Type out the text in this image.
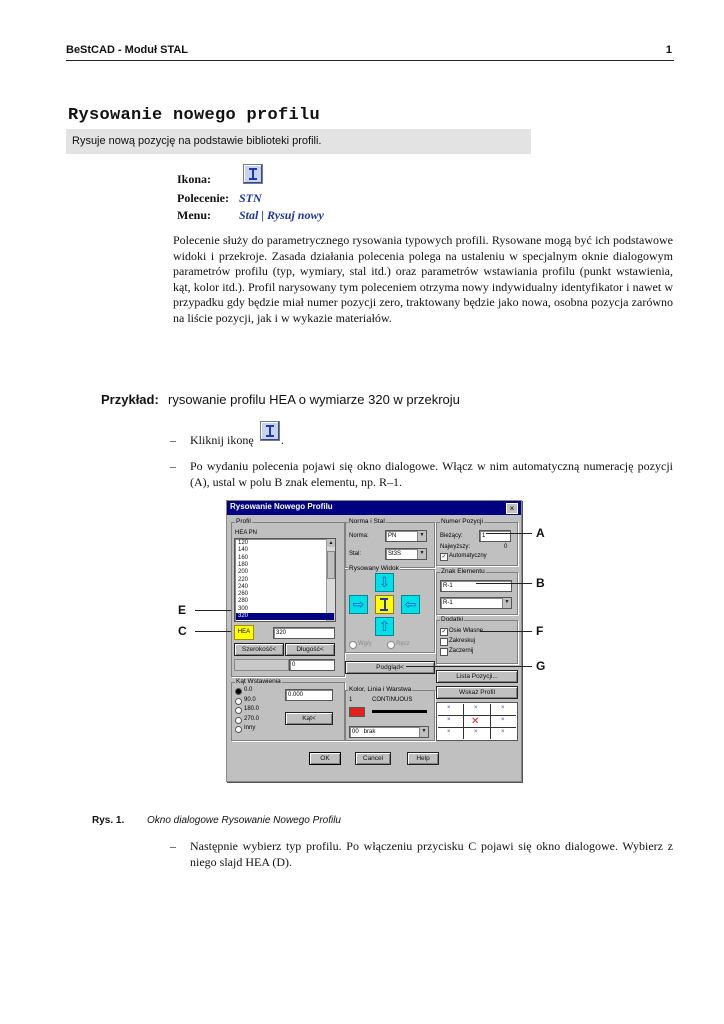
BeStCAD - Moduł STAL	1
Rysowanie nowego profilu
Rysuje nową pozycję na podstawie biblioteki profili.
Ikona:
Polecenie: STN
Menu: Stal | Rysuj nowy
Polecenie służy do parametrycznego rysowania typowych profili. Rysowane mogą być ich podstawowe widoki i przekroje. Zasada działania polecenia polega na ustaleniu w specjalnym oknie dialogowym parametrów profilu (typ, wymiary, stal itd.) oraz parametrów wstawiania profilu (punkt wstawienia, kąt, kolor itd.). Profil narysowany tym poleceniem otrzyma nowy indywidualny identyfikator i nawet w przypadku gdy będzie miał numer pozycji zero, traktowany będzie jako nowa, osobna pozycja zarówno na liście pozycji, jak i w wykazie materiałów.
Przykład: rysowanie profilu HEA o wymiarze 320 w przekroju
– Kliknij ikonę .
– Po wydaniu polecenia pojawi się okno dialogowe. Włącz w nim automatyczną numerację pozycji (A), ustal w polu B znak elementu, np. R–1.
Rysowanie Nowego Profilu	×
Profil
HEA PN
▲
120
140
160
180
200
220
240
260
280
300
320
HEA	320
Szerokość<	Długość<
0
Kąt Wstawienia
0.000
Kąt<
Norma i Stal
Norma:	PN	▼
Stal:	St3S	▼
Rysowany Widok
⇩
⇨	⇦
⇧
Wg/y	Ręcz
Podgląd<
Kolor, Linia i Warstwa
1	CONTINUOUS
00   brak	▼
Numer Pozycji
Bieżący:	1
Najwyższy:	0
✓ Automatyczny
Znak Elementu
R-1
R-1	▼
Dodatki
Lista Pozycji...
Wskaż Profil
✕
×	×	×
×	×
×	×	×
OK	Cancel	Help
0.0
90.0
180.0
270.0
Inny
✓ Osie Własne
Zakreskuj
Zaczernij
A
B
C
E
F
G
Rys. 1. Okno dialogowe Rysowanie Nowego Profilu
– Następnie wybierz typ profilu. Po włączeniu przycisku C pojawi się okno dialogowe. Wybierz z niego slajd HEA (D).
